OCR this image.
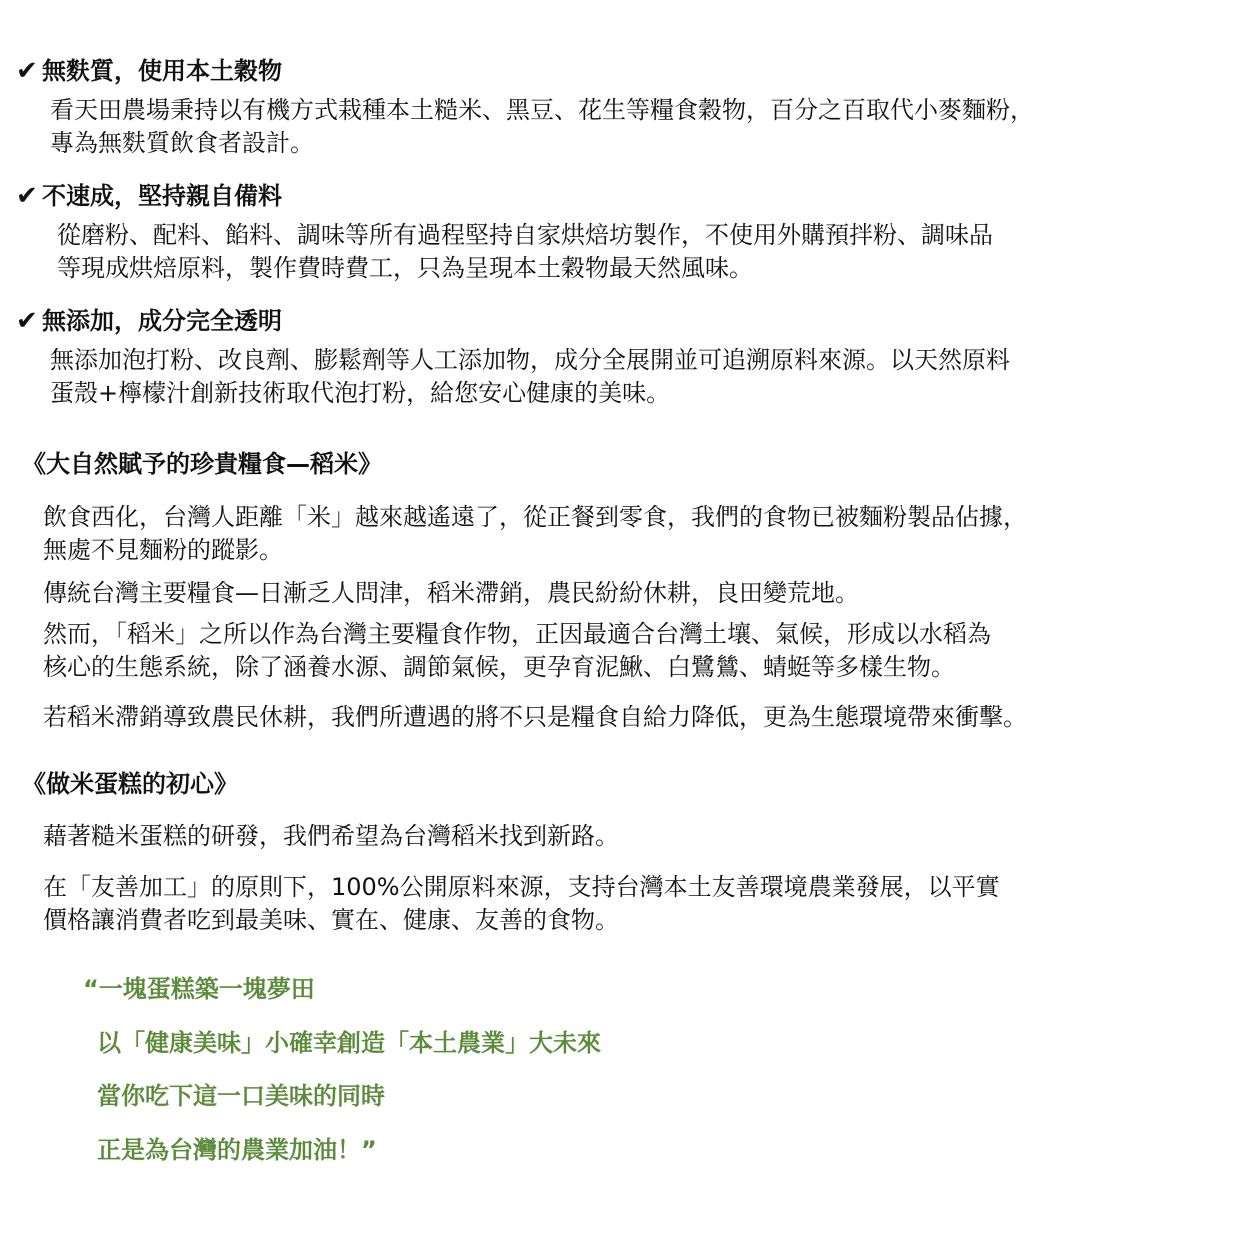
✔ 無麩質，使用本土穀物
看天田農場秉持以有機方式栽種本土糙米、黑豆、花生等糧食穀物，百分之百取代小麥麵粉，
專為無麩質飲食者設計。
✔ 不速成，堅持親自備料
從磨粉、配料、餡料、調味等所有過程堅持自家烘焙坊製作，不使用外購預拌粉、調味品
等現成烘焙原料，製作費時費工，只為呈現本土穀物最天然風味。
✔ 無添加，成分完全透明
無添加泡打粉、改良劑、膨鬆劑等人工添加物，成分全展開並可追溯原料來源。以天然原料
蛋殼+檸檬汁創新技術取代泡打粉，給您安心健康的美味。
《大自然賦予的珍貴糧食—稻米》
飲食西化，台灣人距離「米」越來越遙遠了，從正餐到零食，我們的食物已被麵粉製品佔據，
無處不見麵粉的蹤影。
傳統台灣主要糧食—日漸乏人問津，稻米滯銷，農民紛紛休耕，良田變荒地。
然而，「稻米」之所以作為台灣主要糧食作物，正因最適合台灣土壤、氣候，形成以水稻為
核心的生態系統，除了涵養水源、調節氣候，更孕育泥鰍、白鷺鷥、蜻蜓等多樣生物。
若稻米滯銷導致農民休耕，我們所遭遇的將不只是糧食自給力降低，更為生態環境帶來衝擊。
《做米蛋糕的初心》
藉著糙米蛋糕的研發，我們希望為台灣稻米找到新路。
在「友善加工」的原則下，100%公開原料來源，支持台灣本土友善環境農業發展，以平實
價格讓消費者吃到最美味、實在、健康、友善的食物。
“一塊蛋糕築一塊夢田
以「健康美味」小確幸創造「本土農業」大未來
當你吃下這一口美味的同時
正是為台灣的農業加油！”
